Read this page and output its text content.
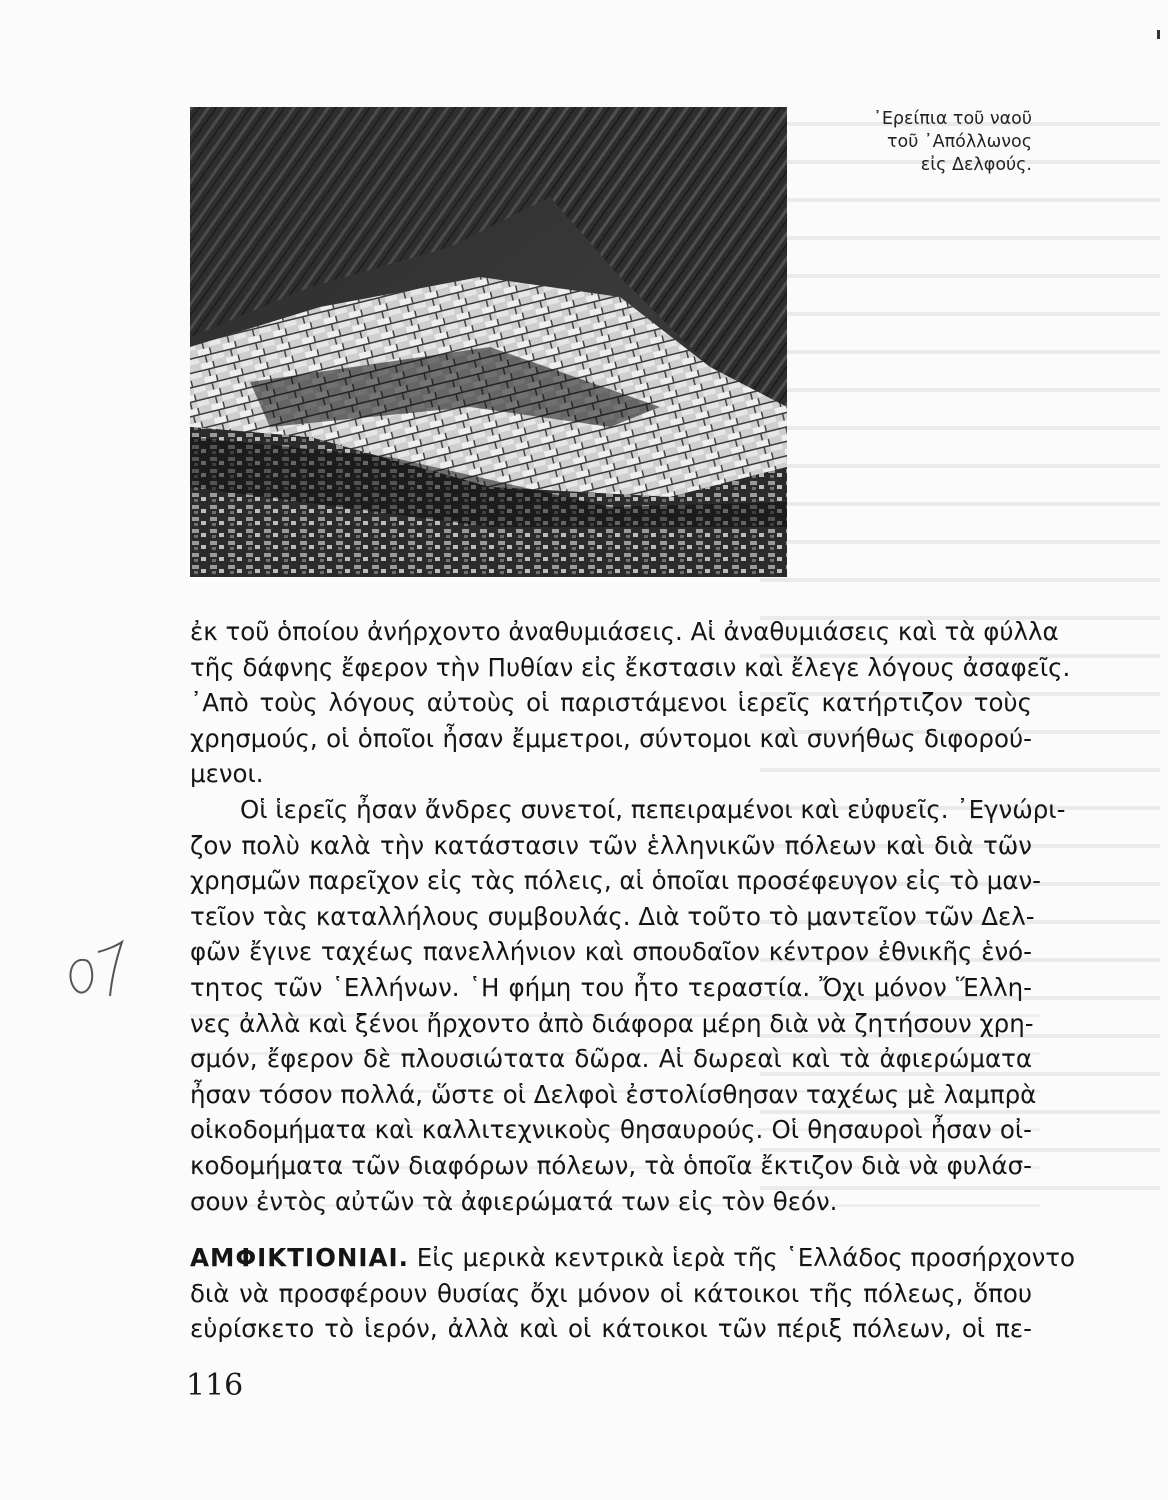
᾿Ερείπια τοῦ ναοῦ
τοῦ ᾿Απόλλωνος
εἰς Δελφούς.
ἐκ τοῦ ὁποίου ἀνήρχοντο ἀναθυμιάσεις. Αἱ ἀναθυμιάσεις καὶ τὰ φύλλα
τῆς δάφνης ἔφερον τὴν Πυθίαν εἰς ἔκστασιν καὶ ἔλεγε λόγους ἀσαφεῖς.
᾿Απὸ τοὺς λόγους αὐτοὺς οἱ παριστάμενοι ἱερεῖς κατήρτιζον τοὺς
χρησμούς, οἱ ὁποῖοι ἦσαν ἔμμετροι, σύντομοι καὶ συνήθως διφορού-
μενοι.
Οἱ ἱερεῖς ἦσαν ἄνδρες συνετοί, πεπειραμένοι καὶ εὐφυεῖς. ᾿Εγνώρι-
ζον πολὺ καλὰ τὴν κατάστασιν τῶν ἑλληνικῶν πόλεων καὶ διὰ τῶν
χρησμῶν παρεῖχον εἰς τὰς πόλεις, αἱ ὁποῖαι προσέφευγον εἰς τὸ μαν-
τεῖον τὰς καταλλήλους συμβουλάς. Διὰ τοῦτο τὸ μαντεῖον τῶν Δελ-
φῶν ἔγινε ταχέως πανελλήνιον καὶ σπουδαῖον κέντρον ἐθνικῆς ἑνό-
τητος τῶν ῾Ελλήνων. ῾Η φήμη του ἦτο τεραστία. Ὄχι μόνον Ἕλλη-
νες ἀλλὰ καὶ ξένοι ἤρχοντο ἀπὸ διάφορα μέρη διὰ νὰ ζητήσουν χρη-
σμόν, ἔφερον δὲ πλουσιώτατα δῶρα. Αἱ δωρεαὶ καὶ τὰ ἀφιερώματα
ἦσαν τόσον πολλά, ὥστε οἱ Δελφοὶ ἐστολίσθησαν ταχέως μὲ λαμπρὰ
οἰκοδομήματα καὶ καλλιτεχνικοὺς θησαυρούς. Οἱ θησαυροὶ ἦσαν οἰ-
κοδομήματα τῶν διαφόρων πόλεων, τὰ ὁποῖα ἔκτιζον διὰ νὰ φυλάσ-
σουν ἐντὸς αὐτῶν τὰ ἀφιερώματά των εἰς τὸν θεόν.
ΑΜΦΙΚΤΙΟΝΙΑΙ. Εἰς μερικὰ κεντρικὰ ἱερὰ τῆς ῾Ελλάδος προσήρχοντο
διὰ νὰ προσφέρουν θυσίας ὄχι μόνον οἱ κάτοικοι τῆς πόλεως, ὅπου
εὑρίσκετο τὸ ἱερόν, ἀλλὰ καὶ οἱ κάτοικοι τῶν πέριξ πόλεων, οἱ πε-
116
